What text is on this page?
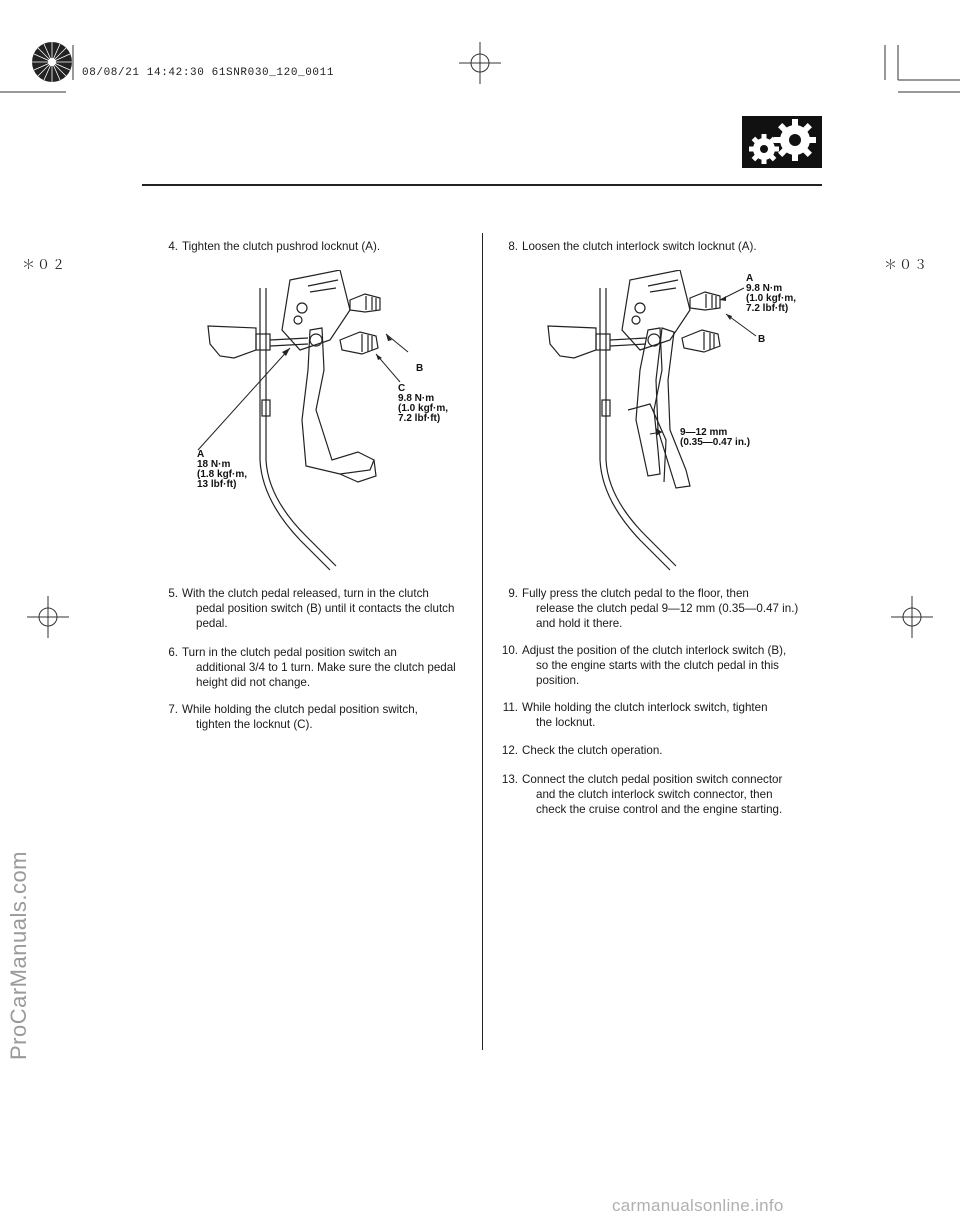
08/08/21 14:42:30 61SNR030_120_0011
＊０２	＊０３
4. Tighten the clutch pushrod locknut (A).
B
C
9.8 N·m
(1.0 kgf·m,
7.2 lbf·ft)
A
18 N·m
(1.8 kgf·m,
13 lbf·ft)
5. With the clutch pedal released, turn in the clutch
pedal position switch (B) until it contacts the clutch
pedal.
6. Turn in the clutch pedal position switch an
additional 3/4 to 1 turn. Make sure the clutch pedal
height did not change.
7. While holding the clutch pedal position switch,
tighten the locknut (C).
8. Loosen the clutch interlock switch locknut (A).
A
9.8 N·m
(1.0 kgf·m,
7.2 lbf·ft)
B
9—12 mm
(0.35—0.47 in.)
9. Fully press the clutch pedal to the floor, then
release the clutch pedal 9—12 mm (0.35—0.47 in.)
and hold it there.
10. Adjust the position of the clutch interlock switch (B),
so the engine starts with the clutch pedal in this
position.
11. While holding the clutch interlock switch, tighten
the locknut.
12. Check the clutch operation.
13. Connect the clutch pedal position switch connector
and the clutch interlock switch connector, then
check the cruise control and the engine starting.
ProCarManuals.com
carmanualsonline.info
